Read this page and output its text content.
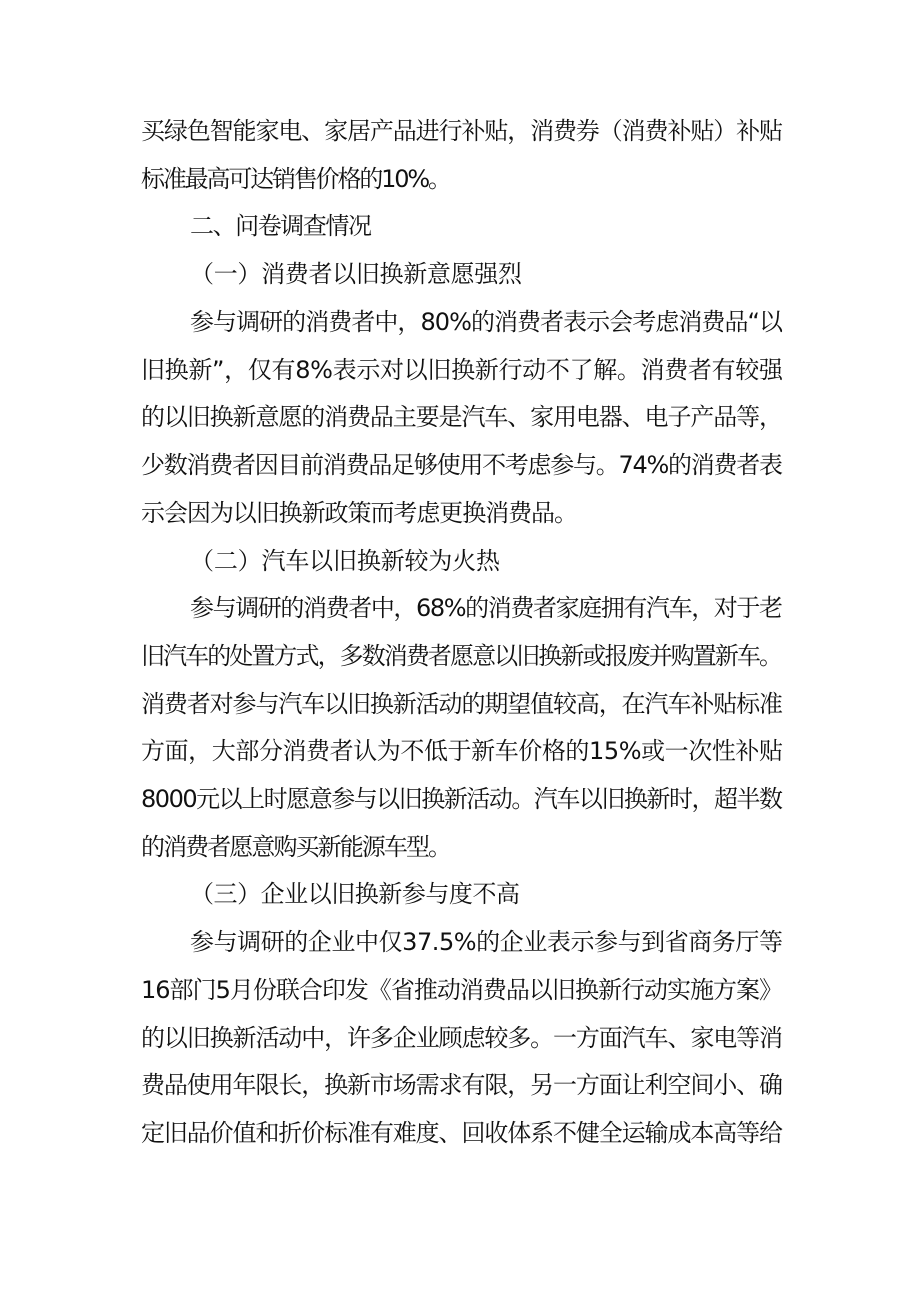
买绿色智能家电、家居产品进行补贴，消费券（消费补贴）补贴
标准最高可达销售价格的10%。
二、问卷调查情况
（一）消费者以旧换新意愿强烈
参与调研的消费者中，80%的消费者表示会考虑消费品“以
旧换新”，仅有8%表示对以旧换新行动不了解。消费者有较强
的以旧换新意愿的消费品主要是汽车、家用电器、电子产品等，
少数消费者因目前消费品足够使用不考虑参与。74%的消费者表
示会因为以旧换新政策而考虑更换消费品。
（二）汽车以旧换新较为火热
参与调研的消费者中，68%的消费者家庭拥有汽车，对于老
旧汽车的处置方式，多数消费者愿意以旧换新或报废并购置新车。
消费者对参与汽车以旧换新活动的期望值较高，在汽车补贴标准
方面，大部分消费者认为不低于新车价格的15%或一次性补贴
8000元以上时愿意参与以旧换新活动。汽车以旧换新时，超半数
的消费者愿意购买新能源车型。
（三）企业以旧换新参与度不高
参与调研的企业中仅37.5%的企业表示参与到省商务厅等
16部门5月份联合印发《省推动消费品以旧换新行动实施方案》
的以旧换新活动中，许多企业顾虑较多。一方面汽车、家电等消
费品使用年限长，换新市场需求有限，另一方面让利空间小、确
定旧品价值和折价标准有难度、回收体系不健全运输成本高等给
